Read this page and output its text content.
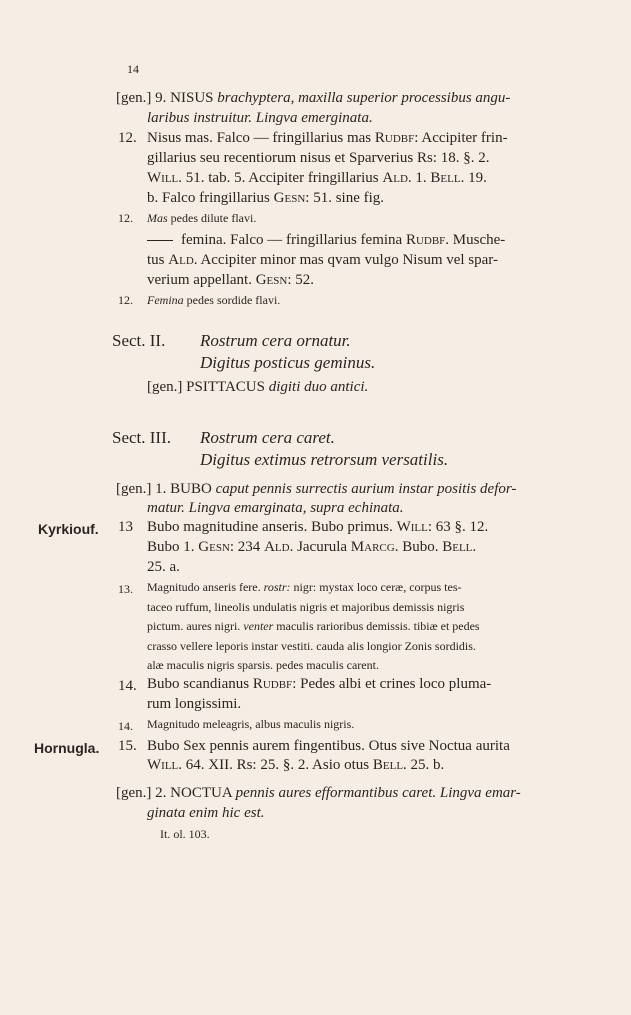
14
[gen.] 9. NISUS brachyptera, maxilla superior processibus angu-
laribus instruitur. Lingva emerginata.
12. Nisus mas. Falco — fringillarius mas Rudbf: Accipiter frin-
gillarius seu recentiorum nisus et Sparverius Rs: 18. §. 2.
Will. 51. tab. 5. Accipiter fringillarius Ald. 1. Bell. 19.
b. Falco fringillarius Gesn: 51. sine fig.
12. Mas pedes dilute flavi.
femina. Falco — fringillarius femina Rudbf. Musche-
tus Ald. Accipiter minor mas qvam vulgo Nisum vel spar-
verium appellant. Gesn: 52.
12. Femina pedes sordide flavi.
Sect. II. Rostrum cera ornatur.
Digitus posticus geminus.
[gen.] PSITTACUS digiti duo antici.
Sect. III. Rostrum cera caret.
Digitus extimus retrorsum versatilis.
[gen.] 1. BUBO caput pennis surrectis aurium instar positis defor-
matur. Lingva emarginata, supra echinata.
Kyrkiouf. 13 Bubo magnitudine anseris. Bubo primus. Will: 63 §. 12.
Bubo 1. Gesn: 234 Ald. Jacurula Marcg. Bubo. Bell.
25. a.
13. Magnitudo anseris fere. rostr: nigr: mystax loco ceræ, corpus tes-
taceo ruffum, lineolis undulatis nigris et majoribus demissis nigris
pictum. aures nigri. venter maculis rarioribus demissis. tibiæ et pedes
crasso vellere leporis instar vestiti. cauda alis longior Zonis sordidis.
alæ maculis nigris sparsis. pedes maculis carent.
14. Bubo scandianus Rudbf: Pedes albi et crines loco pluma-
rum longissimi.
14. Magnitudo meleagris, albus maculis nigris.
Hornugla. 15. Bubo Sex pennis aurem fingentibus. Otus sive Noctua aurita
Will. 64. XII. Rs: 25. §. 2. Asio otus Bell. 25. b.
[gen.] 2. NOCTUA pennis aures efformantibus caret. Lingva emar-
ginata enim hic est.
It. ol. 103.
